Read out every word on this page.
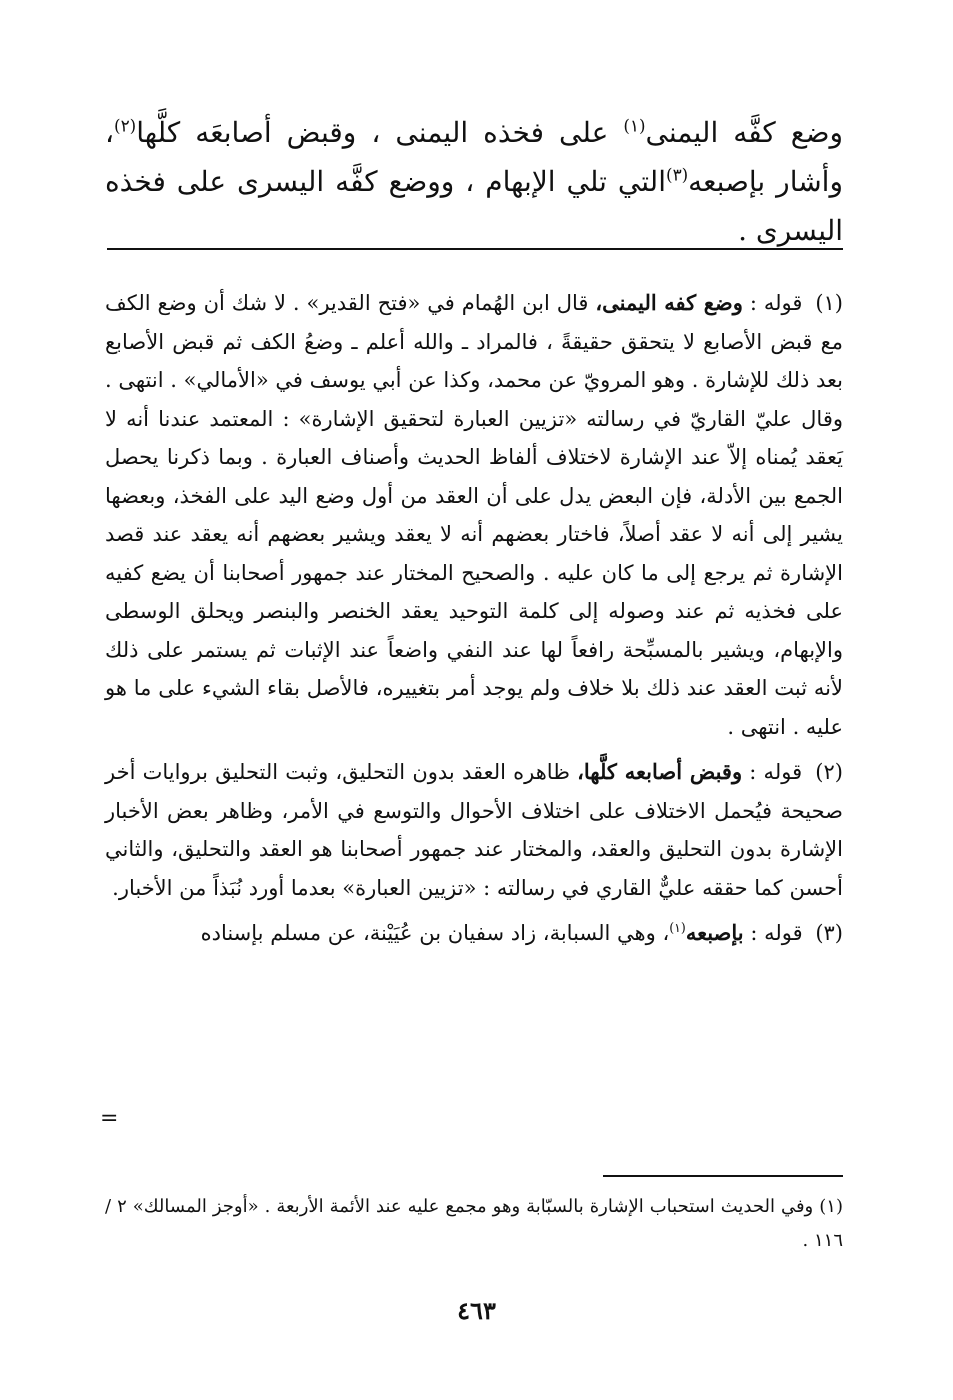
وضع كفَّه اليمنى$^{(١)}$ على فخذه اليمنى ، وقبض أصابعَه كلَّها$^{(٢)}$، وأشار بإصبعه$^{(٣)}$التي تلي الإبهام ، ووضع كفَّه اليسرى على فخذه اليسرى .

(١) قوله : وضع كفه اليمنى، قال ابن الهُمام في «فتح القدير» . لا شك أن وضع الكف مع قبض الأصابع لا يتحقق حقيقةً ، فالمراد ـ والله أعلم ـ وضعُ الكف ثم قبض الأصابع بعد ذلك للإشارة . وهو المرويّ عن محمد، وكذا عن أبي يوسف في «الأمالي» . انتهى . وقال عليّ القاريّ في رسالته «تزيين العبارة لتحقيق الإشارة» : المعتمد عندنا أنه لا يَعقد يُمناه إلاّ عند الإشارة لاختلاف ألفاظ الحديث وأصناف العبارة . وبما ذكرنا يحصل الجمع بين الأدلة، فإن البعض يدل على أن العقد من أول وضع اليد على الفخذ، وبعضها يشير إلى أنه لا عقد أصلاً، فاختار بعضهم أنه لا يعقد ويشير بعضهم أنه يعقد عند قصد الإشارة ثم يرجع إلى ما كان عليه . والصحيح المختار عند جمهور أصحابنا أن يضع كفيه على فخذيه ثم عند وصوله إلى كلمة التوحيد يعقد الخنصر والبنصر ويحلق الوسطى والإبهام، ويشير بالمسبِّحة رافعاً لها عند النفي واضعاً عند الإثبات ثم يستمر على ذلك لأنه ثبت العقد عند ذلك بلا خلاف ولم يوجد أمر بتغييره، فالأصل بقاء الشيء على ما هو عليه . انتهى .

(٢) قوله : وقبض أصابعه كلَّها، ظاهره العقد بدون التحليق، وثبت التحليق بروايات أخر صحيحة فيُحمل الاختلاف على اختلاف الأحوال والتوسع في الأمر، وظاهر بعض الأخبار الإشارة بدون التحليق والعقد، والمختار عند جمهور أصحابنا هو العقد والتحليق، والثاني أحسن كما حققه عليٌّ القاري في رسالته : «تزيين العبارة» بعدما أورد نُبَذاً من الأخبار.

(٣) قوله : بإصبعه$^{(١)}$، وهي السبابة، زاد سفيان بن عُيَيْنة، عن مسلم بإسناده

=
(١) وفي الحديث استحباب الإشارة بالسبّابة وهو مجمع عليه عند الأئمة الأربعة . «أوجز المسالك» ٢ / ١١٦ .
٤٦٣
